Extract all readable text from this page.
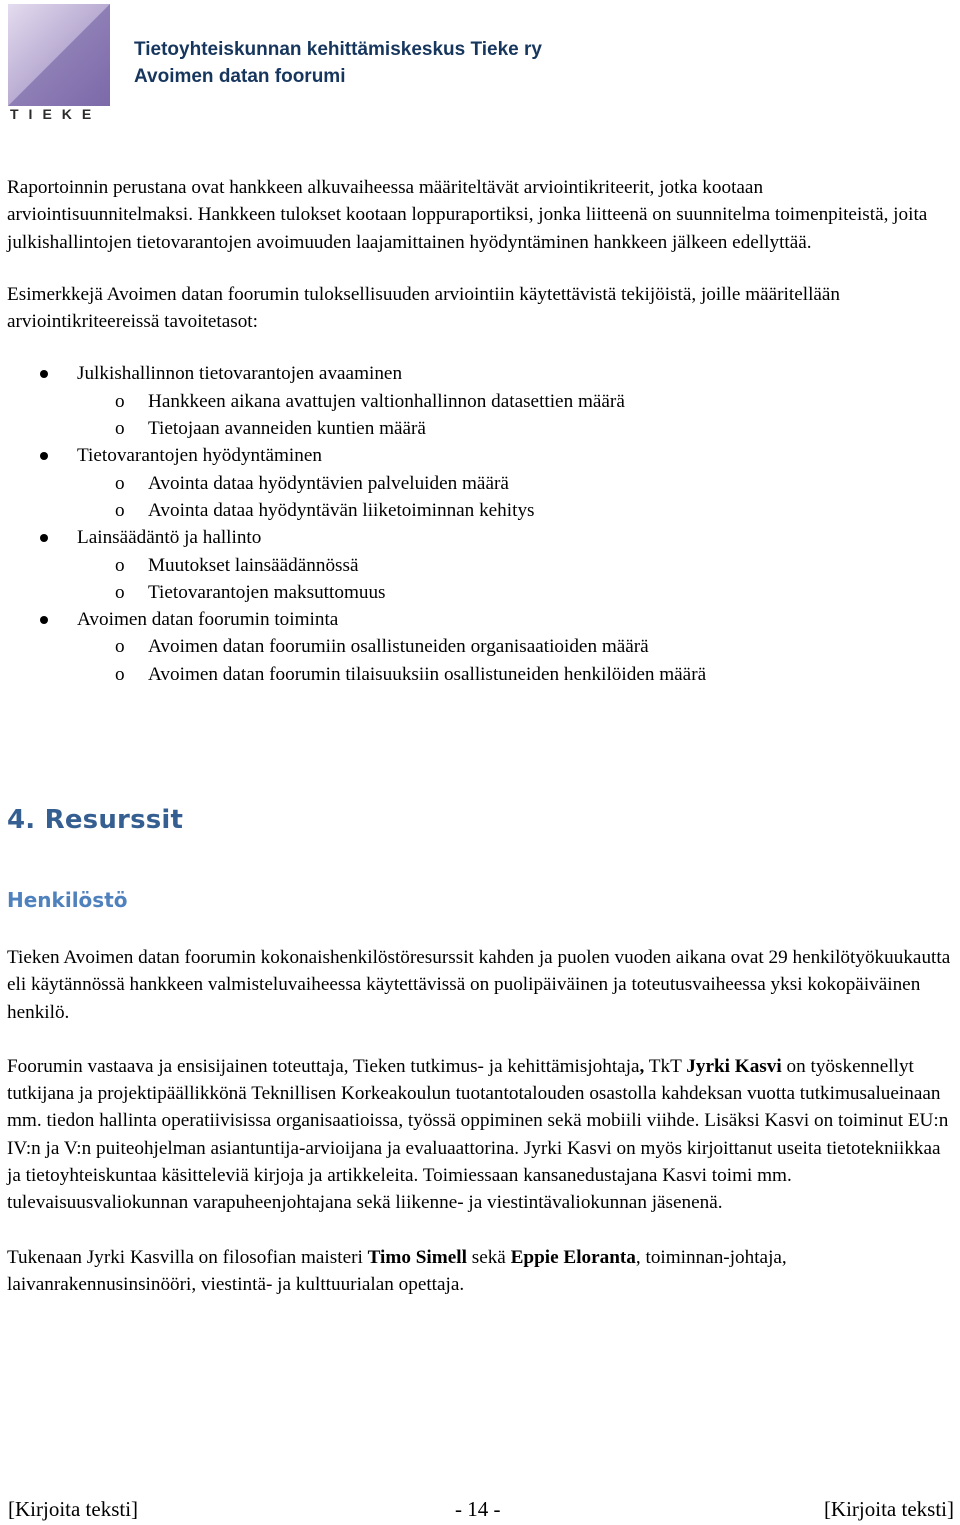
TIEKE
Tietoyhteiskunnan kehittämiskeskus Tieke ry
Avoimen datan foorumi

Raportoinnin perustana ovat hankkeen alkuvaiheessa määriteltävät arviointikriteerit, jotka kootaan arviointisuunnitelmaksi. Hankkeen tulokset kootaan loppuraportiksi, jonka liitteenä on suunnitelma toimenpiteistä, joita julkishallintojen tietovarantojen avoimuuden laajamittainen hyödyntäminen hankkeen jälkeen edellyttää.

Esimerkkejä Avoimen datan foorumin tuloksellisuuden arviointiin käytettävistä tekijöistä, joille määritellään arviointikriteereissä tavoitetasot:

Julkishallinnon tietovarantojen avaaminen
o Hankkeen aikana avattujen valtionhallinnon datasettien määrä
o Tietojaan avanneiden kuntien määrä
Tietovarantojen hyödyntäminen
o Avointa dataa hyödyntävien palveluiden määrä
o Avointa dataa hyödyntävän liiketoiminnan kehitys
Lainsäädäntö ja hallinto
o Muutokset lainsäädännössä
o Tietovarantojen maksuttomuus
Avoimen datan foorumin toiminta
o Avoimen datan foorumiin osallistuneiden organisaatioiden määrä
o Avoimen datan foorumin tilaisuuksiin osallistuneiden henkilöiden määrä
4. Resurssit
Henkilöstö

Tieken Avoimen datan foorumin kokonaishenkilöstöresurssit kahden ja puolen vuoden aikana ovat 29 henkilötyökuukautta eli käytännössä hankkeen valmisteluvaiheessa käytettävissä on puolipäiväinen ja toteutusvaiheessa yksi kokopäiväinen henkilö.

Foorumin vastaava ja ensisijainen toteuttaja, Tieken tutkimus- ja kehittämisjohtaja, TkT Jyrki Kasvi on työskennellyt tutkijana ja projektipäällikkönä Teknillisen Korkeakoulun tuotantotalouden osastolla kahdeksan vuotta tutkimusalueinaan mm. tiedon hallinta operatiivisissa organisaatioissa, työssä oppiminen sekä mobiili viihde. Lisäksi Kasvi on toiminut EU:n IV:n ja V:n puiteohjelman asiantuntija-arvioijana ja evaluaattorina. Jyrki Kasvi on myös kirjoittanut useita tietotekniikkaa ja tietoyhteiskuntaa käsitteleviä kirjoja ja artikkeleita. Toimiessaan kansanedustajana Kasvi toimi mm. tulevaisuusvaliokunnan varapuheenjohtajana sekä liikenne- ja viestintävaliokunnan jäsenenä.

Tukenaan Jyrki Kasvilla on filosofian maisteri Timo Simell sekä Eppie Eloranta, toiminnan-johtaja, laivanrakennusinsinööri, viestintä- ja kulttuurialan opettaja.

[Kirjoita teksti]	- 14 -	[Kirjoita teksti]
